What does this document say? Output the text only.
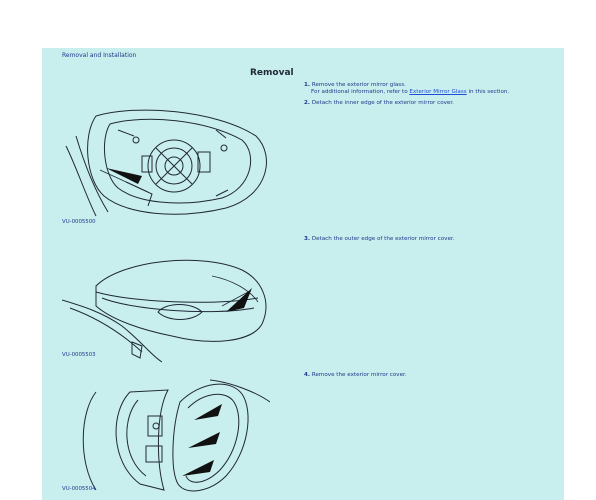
Removal and Installation
Removal
1. Remove the exterior mirror glass.
For additional information, refer to Exterior Mirror Glass in this section.
2. Detach the inner edge of the exterior mirror cover.
3. Detach the outer edge of the exterior mirror cover.
4. Remove the exterior mirror cover.
VU-0005500
VU-0005503
VU-0005504
